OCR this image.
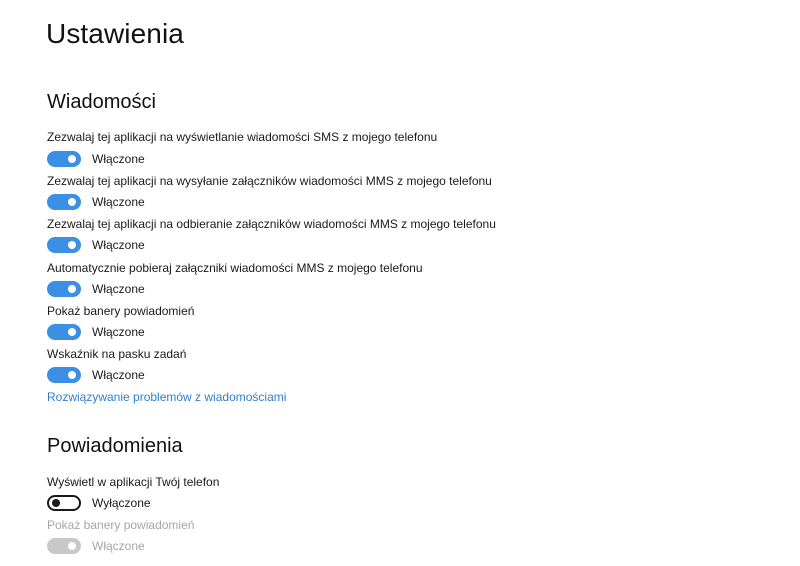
Ustawienia
Wiadomości
Zezwalaj tej aplikacji na wyświetlanie wiadomości SMS z mojego telefonu
Włączone
Zezwalaj tej aplikacji na wysyłanie załączników wiadomości MMS z mojego telefonu
Włączone
Zezwalaj tej aplikacji na odbieranie załączników wiadomości MMS z mojego telefonu
Włączone
Automatycznie pobieraj załączniki wiadomości MMS z mojego telefonu
Włączone
Pokaż banery powiadomień
Włączone
Wskaźnik na pasku zadań
Włączone
Rozwiązywanie problemów z wiadomościami
Powiadomienia
Wyświetl w aplikacji Twój telefon
Wyłączone
Pokaż banery powiadomień
Włączone
